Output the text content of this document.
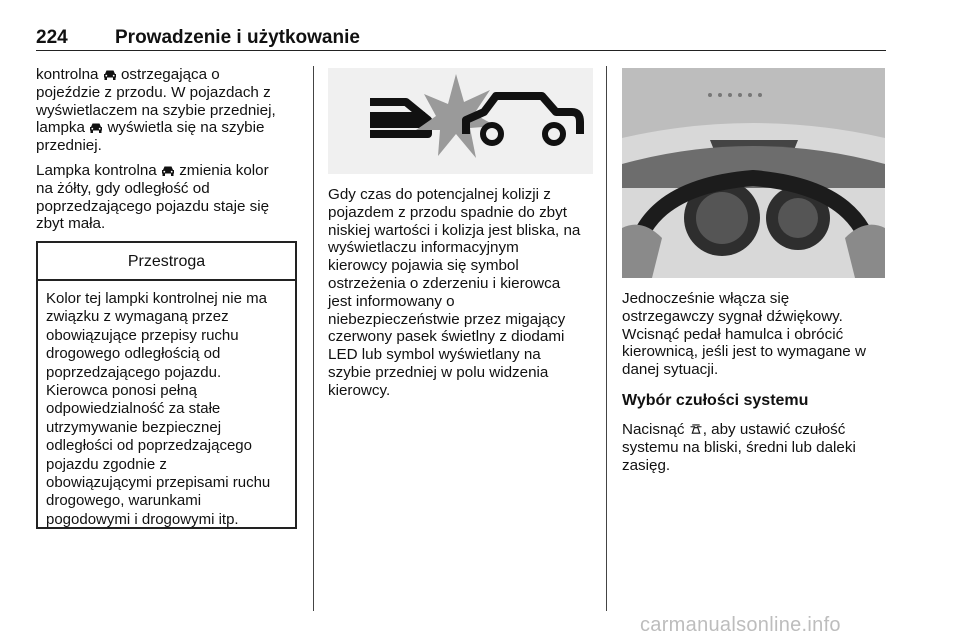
224 Prowadzenie i użytkowanie

kontrolna ostrzegająca o
pojeździe z przodu. W pojazdach z
wyświetlaczem na szybie przedniej,
lampka wyświetla się na szybie
przedniej.

Lampka kontrolna zmienia kolor
na żółty, gdy odległość od
poprzedzającego pojazdu staje się
zbyt mała.

Przestroga
Kolor tej lampki kontrolnej nie ma
związku z wymaganą przez
obowiązujące przepisy ruchu
drogowego odległością od
poprzedzającego pojazdu.
Kierowca ponosi pełną
odpowiedzialność za stałe
utrzymywanie bezpiecznej
odległości od poprzedzającego
pojazdu zgodnie z
obowiązującymi przepisami ruchu
drogowego, warunkami
pogodowymi i drogowymi itp.
Gdy czas do potencjalnej kolizji z
pojazdem z przodu spadnie do zbyt
niskiej wartości i kolizja jest bliska, na
wyświetlaczu informacyjnym
kierowcy pojawia się symbol
ostrzeżenia o zderzeniu i kierowca
jest informowany o
niebezpieczeństwie przez migający
czerwony pasek świetlny z diodami
LED lub symbol wyświetlany na
szybie przedniej w polu widzenia
kierowcy.
Jednocześnie włącza się
ostrzegawczy sygnał dźwiękowy.
Wcisnąć pedał hamulca i obrócić
kierownicą, jeśli jest to wymagane w
danej sytuacji.
Wybór czułości systemu
Nacisnąć , aby ustawić czułość
systemu na bliski, średni lub daleki
zasięg.
carmanualsonline.info
